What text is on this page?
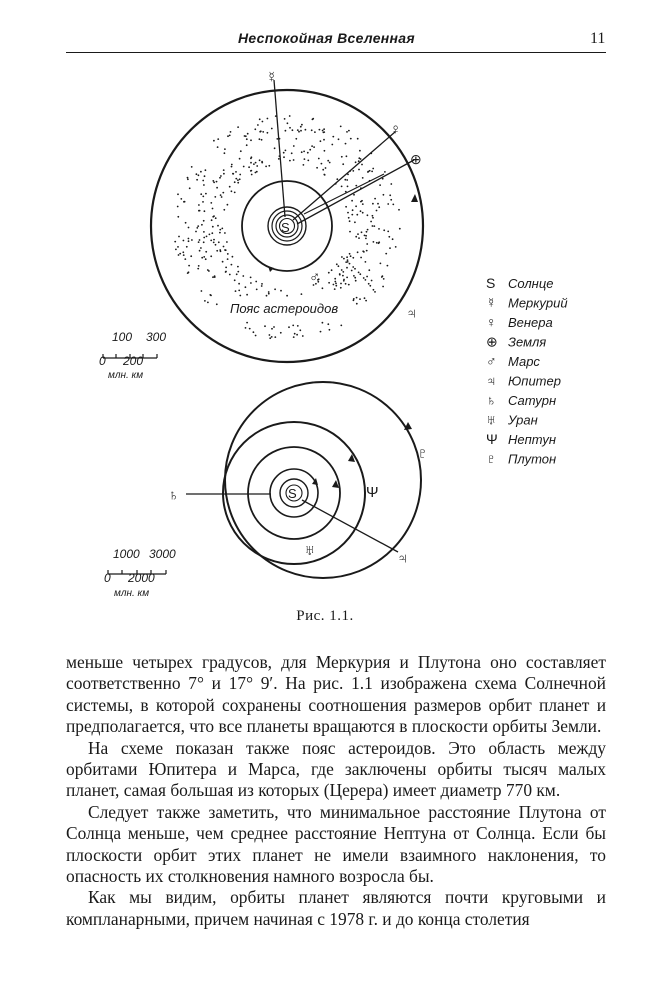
Неспокойная Вселенная	11
S
☿
♀
⊕
♂
♃
Пояс астероидов
100 300
0 200
млн. км
S
♄
♅
Ψ
♇
♃
1000 3000
0 2000
млн. км
S Солнце
☿ Меркурий
♀ Венера
⊕ Земля
♂ Марс
♃ Юпитер
♄ Сатурн
♅ Уран
Ψ Нептун
♇ Плутон
Рис. 1.1.

меньше четырех градусов, для Меркурия и Плутона оно составляет соответственно 7° и 17° 9′. На рис. 1.1 изображена схема Солнечной системы, в которой сохранены соотношения размеров орбит планет и предполагается, что все планеты вращаются в плоскости орбиты Земли.

На схеме показан также пояс астероидов. Это область между орбитами Юпитера и Марса, где заключены орбиты тысяч малых планет, самая большая из которых (Церера) имеет диаметр 770 км.

Следует также заметить, что минимальное расстояние Плутона от Солнца меньше, чем среднее расстояние Нептуна от Солнца. Если бы плоскости орбит этих планет не имели взаимного наклонения, то опасность их столкновения намного возросла бы.

Как мы видим, орбиты планет являются почти круговыми и компланарными, причем начиная с 1978 г. и до конца столетия
